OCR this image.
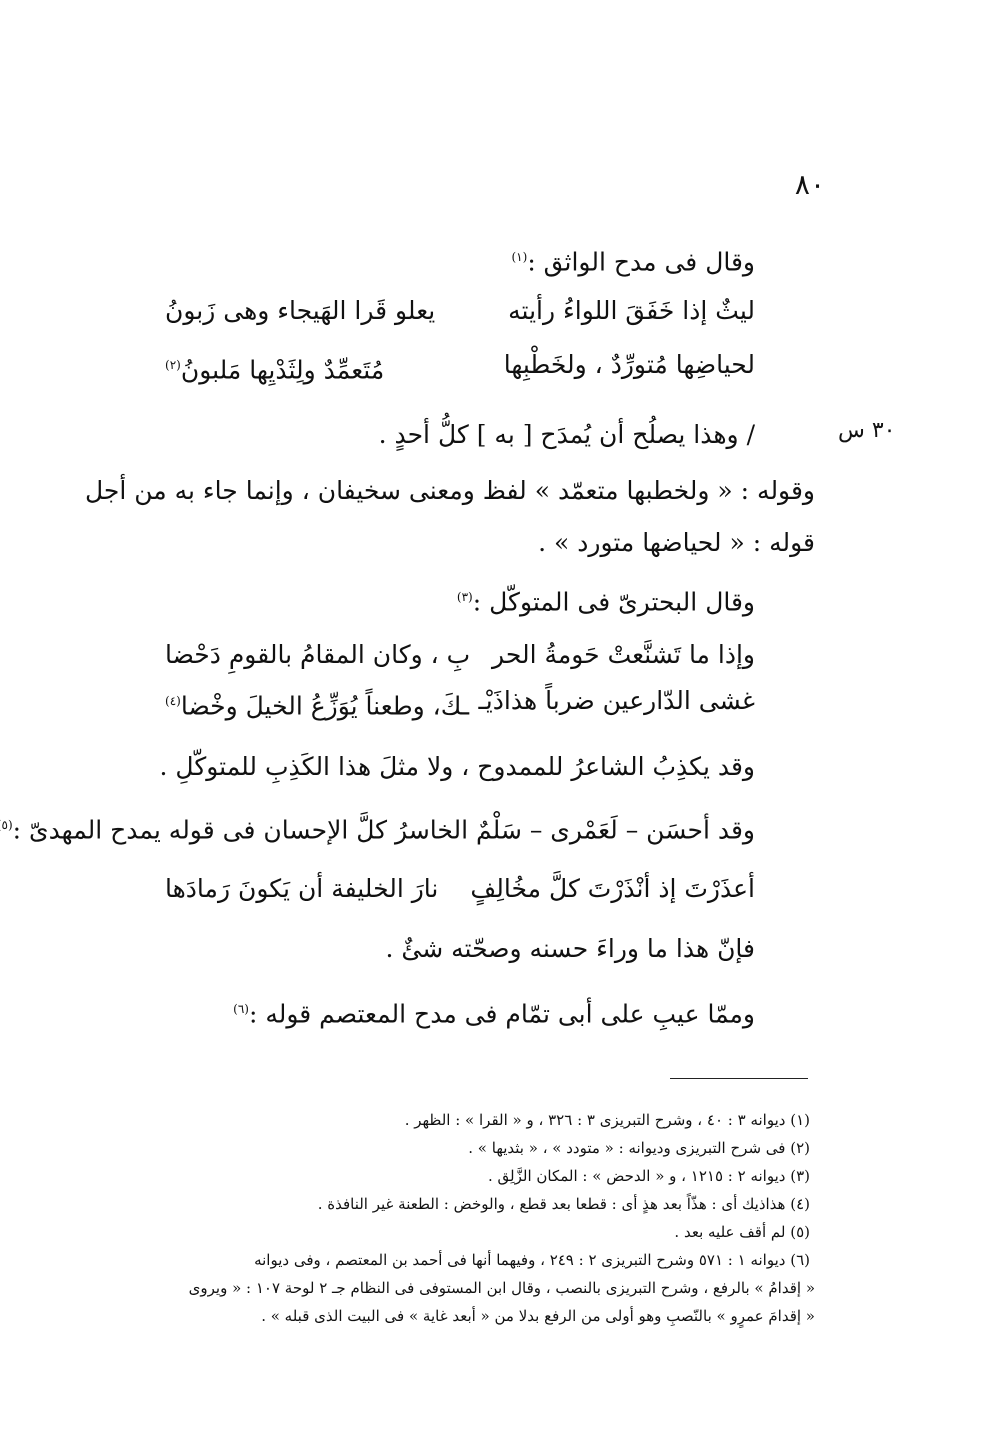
٨٠
٣٠ س
وقال فى مدح الواثق :$^{(١)}$
ليثٌ إذا خَفَقَ اللواءُ رأيته
يعلو قَرا الهَيجاء وهى زَبونُ
لحياضِها مُتورِّدٌ ، ولخَطْبِها
مُتَعمِّدٌ ولِثَدْيِها مَلبونُ$^{(٢)}$
/ وهذا يصلُح أن يُمدَح [ به ] كلُّ أحدٍ .
وقوله : « ولخطبها متعمّد » لفظ ومعنى سخيفان ، وإنما جاء به من أجل
قوله : « لحياضها متورد » .
وقال البحترىّ فى المتوكّل :$^{(٣)}$
وإذا ما تَشنَّعتْ حَومةُ الحر
بِ ، وكان المقامُ بالقومِ دَحْضا
غشى الدّارعين ضرباً هذاذَيْـ
ـكَ، وطعناً يُوَزِّعُ الخيلَ وخْضا$^{(٤)}$
وقد يكذِبُ الشاعرُ للممدوح ، ولا مثلَ هذا الكَذِبِ للمتوكّلِ .
وقد أحسَن – لَعَمْرى – سَلْمٌ الخاسرُ كلَّ الإحسان فى قوله يمدح المهدىّ :$^{(٥}$
أعذَرْتَ إذ أنْذَرْتَ كلَّ مخُالِفٍ
نارَ الخليفة أن يَكونَ رَمادَها
فإنّ هذا ما وراءَ حسنه وصحّته شئٌ .
وممّا عيبِ على أبى تمّام فى مدح المعتصم قوله :$^{(٦)}$
(١) ديوانه ٣ : ٤٠ ، وشرح التبريزى ٣ : ٣٢٦ ، و « القرا » : الظهر .
(٢) فى شرح التبريزى وديوانه : « متودد » ، « بثديها » .
(٣) ديوانه ٢ : ١٢١٥ ، و « الدحض » : المكان الزَّلِق .
(٤) هذاذيك أى : هذّاً بعد هذٍ أى : قطعا بعد قطع ، والوخض : الطعنة غير النافذة .
(٥) لم أقف عليه بعد .
(٦) ديوانه ١ : ٥٧١ وشرح التبريزى ٢ : ٢٤٩ ، وفيهما أنها فى أحمد بن المعتصم ، وفى ديوانه
« إقدامُ » بالرفع ، وشرح التبريزى بالنصب ، وقال ابن المستوفى فى النظام جـ ٢ لوحة ١٠٧ : « ويروى
« إقدامَ عمرٍو » بالنّصبِ وهو أولى من الرفع بدلا من « أبعد غاية » فى البيت الذى قبله » .
